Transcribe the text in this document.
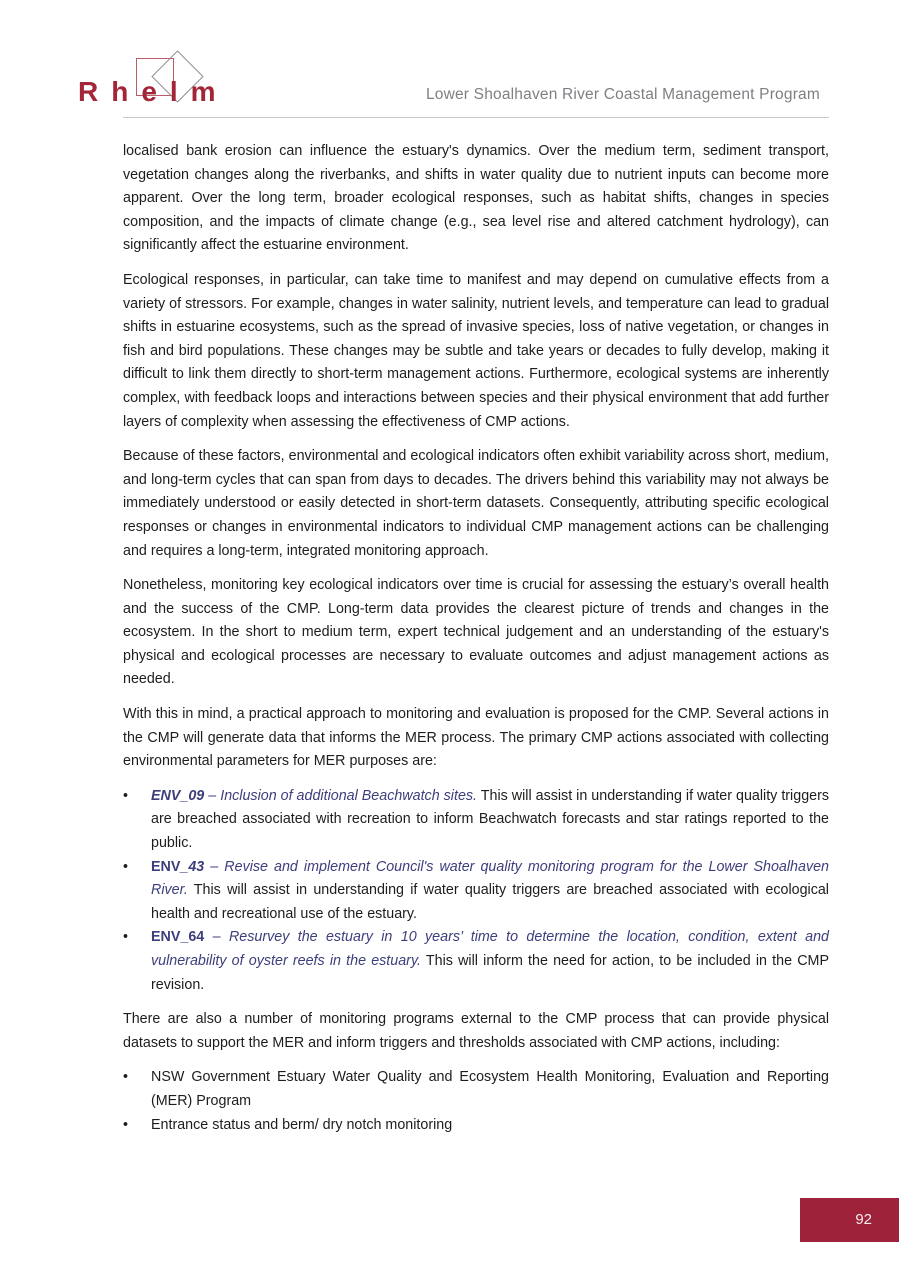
Rhelm	Lower Shoalhaven River Coastal Management Program

localised bank erosion can influence the estuary's dynamics. Over the medium term, sediment transport, vegetation changes along the riverbanks, and shifts in water quality due to nutrient inputs can become more apparent. Over the long term, broader ecological responses, such as habitat shifts, changes in species composition, and the impacts of climate change (e.g., sea level rise and altered catchment hydrology), can significantly affect the estuarine environment.

Ecological responses, in particular, can take time to manifest and may depend on cumulative effects from a variety of stressors. For example, changes in water salinity, nutrient levels, and temperature can lead to gradual shifts in estuarine ecosystems, such as the spread of invasive species, loss of native vegetation, or changes in fish and bird populations. These changes may be subtle and take years or decades to fully develop, making it difficult to link them directly to short-term management actions. Furthermore, ecological systems are inherently complex, with feedback loops and interactions between species and their physical environment that add further layers of complexity when assessing the effectiveness of CMP actions.

Because of these factors, environmental and ecological indicators often exhibit variability across short, medium, and long-term cycles that can span from days to decades. The drivers behind this variability may not always be immediately understood or easily detected in short-term datasets. Consequently, attributing specific ecological responses or changes in environmental indicators to individual CMP management actions can be challenging and requires a long-term, integrated monitoring approach.

Nonetheless, monitoring key ecological indicators over time is crucial for assessing the estuary’s overall health and the success of the CMP. Long-term data provides the clearest picture of trends and changes in the ecosystem. In the short to medium term, expert technical judgement and an understanding of the estuary's physical and ecological processes are necessary to evaluate outcomes and adjust management actions as needed.

With this in mind, a practical approach to monitoring and evaluation is proposed for the CMP. Several actions in the CMP will generate data that informs the MER process. The primary CMP actions associated with collecting environmental parameters for MER purposes are:

•	ENV_09 – Inclusion of additional Beachwatch sites. This will assist in understanding if water quality triggers are breached associated with recreation to inform Beachwatch forecasts and star ratings reported to the public.
•	ENV_43 – Revise and implement Council's water quality monitoring program for the Lower Shoalhaven River. This will assist in understanding if water quality triggers are breached associated with ecological health and recreational use of the estuary.
•	ENV_64 – Resurvey the estuary in 10 years’ time to determine the location, condition, extent and vulnerability of oyster reefs in the estuary. This will inform the need for action, to be included in the CMP revision.

There are also a number of monitoring programs external to the CMP process that can provide physical datasets to support the MER and inform triggers and thresholds associated with CMP actions, including:

•	NSW Government Estuary Water Quality and Ecosystem Health Monitoring, Evaluation and Reporting (MER) Program
•	Entrance status and berm/ dry notch monitoring
92
